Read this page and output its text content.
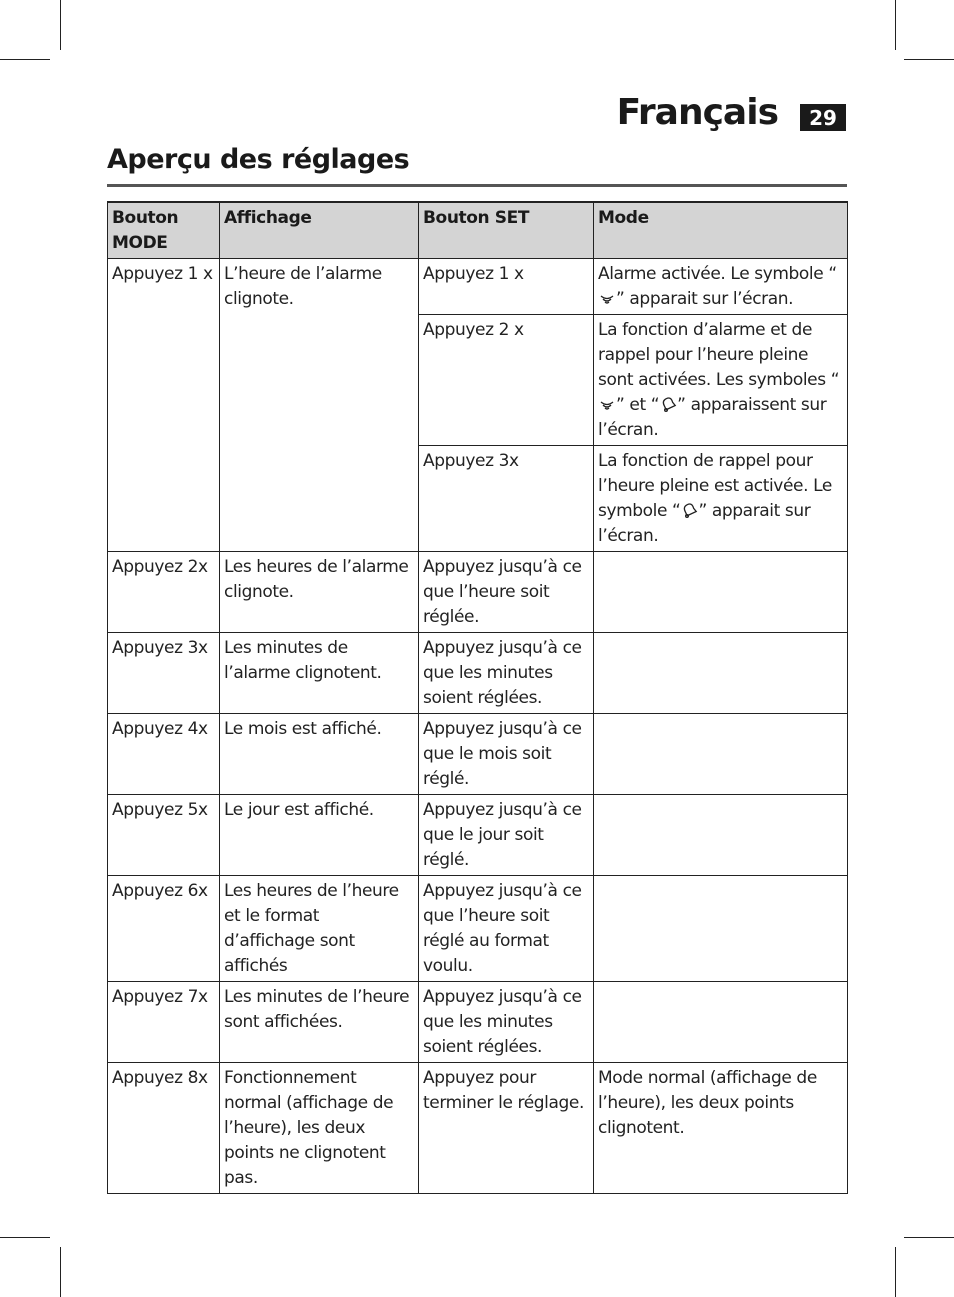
Français	29
Aperçu des réglages
Bouton MODE	Affichage	Bouton SET	Mode
Appuyez 1 x	L’heure de l’alarme clignote.	Appuyez 1 x	Alarme activée. Le symbole “” apparait sur l’écran.
		Appuyez 2 x	La fonction d’alarme et de rappel pour l’heure pleine sont activées. Les symboles “” et “ ” apparaissent sur l’écran.
		Appuyez 3x	La fonction de rappel pour l’heure pleine est activée. Le symbole “ ” apparait sur l’écran.
Appuyez 2x	Les heures de l’alarme clignote.	Appuyez jusqu’à ce que l’heure soit réglée.	
Appuyez 3x	Les minutes de l’alarme clignotent.	Appuyez jusqu’à ce que les minutes soient réglées.	
Appuyez 4x	Le mois est affiché.	Appuyez jusqu’à ce que le mois soit réglé.	
Appuyez 5x	Le jour est affiché.	Appuyez jusqu’à ce que le jour soit réglé.	
Appuyez 6x	Les heures de l’heure et le format d’affichage sont affichés	Appuyez jusqu’à ce que l’heure soit réglé au format voulu.	
Appuyez 7x	Les minutes de l’heure sont affichées.	Appuyez jusqu’à ce que les minutes soient réglées.	
Appuyez 8x	Fonctionnement normal (affichage de l’heure), les deux points ne clignotent pas.	Appuyez pour terminer le réglage.	Mode normal (affichage de l’heure), les deux points clignotent.
